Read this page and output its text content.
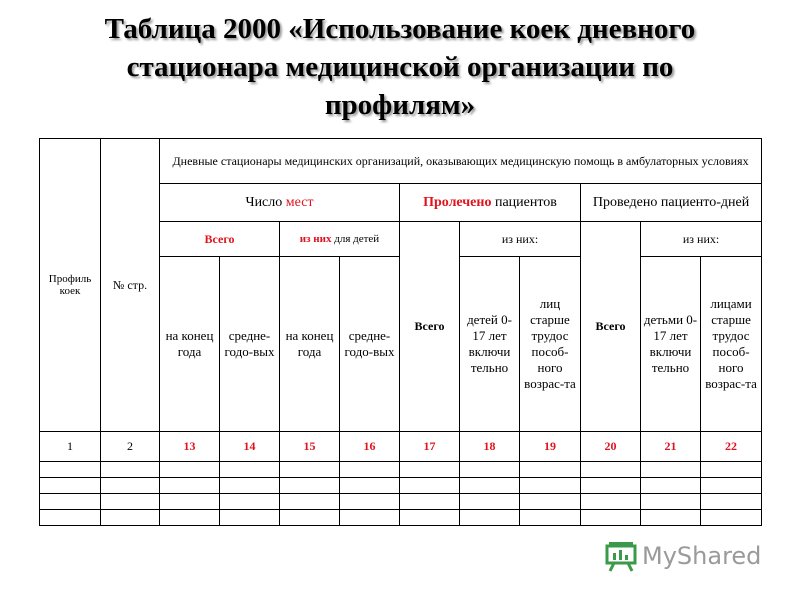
Таблица 2000 «Использование коек дневного
стационара медицинской организации по
профилям»
Профиль коек	№ стр.	Дневные стационары медицинских организаций, оказывающих медицинскую помощь в амбулаторных условиях									
		Число мест				Пролечено пациентов			Проведено пациенто-дней		
		Всего		из них для детей		Всего	из них:		Всего	из них:	
		на конец года	средне-годо-вых	на конец года	средне-годо-вых		детей 0-17 лет включи тельно	лиц старше трудос пособ-ного возрас-та		детьми 0-17 лет включи тельно	лицами старше трудос пособ-ного возрас-та
1	2	13	14	15	16	17	18	19	20	21	22

MyShared
